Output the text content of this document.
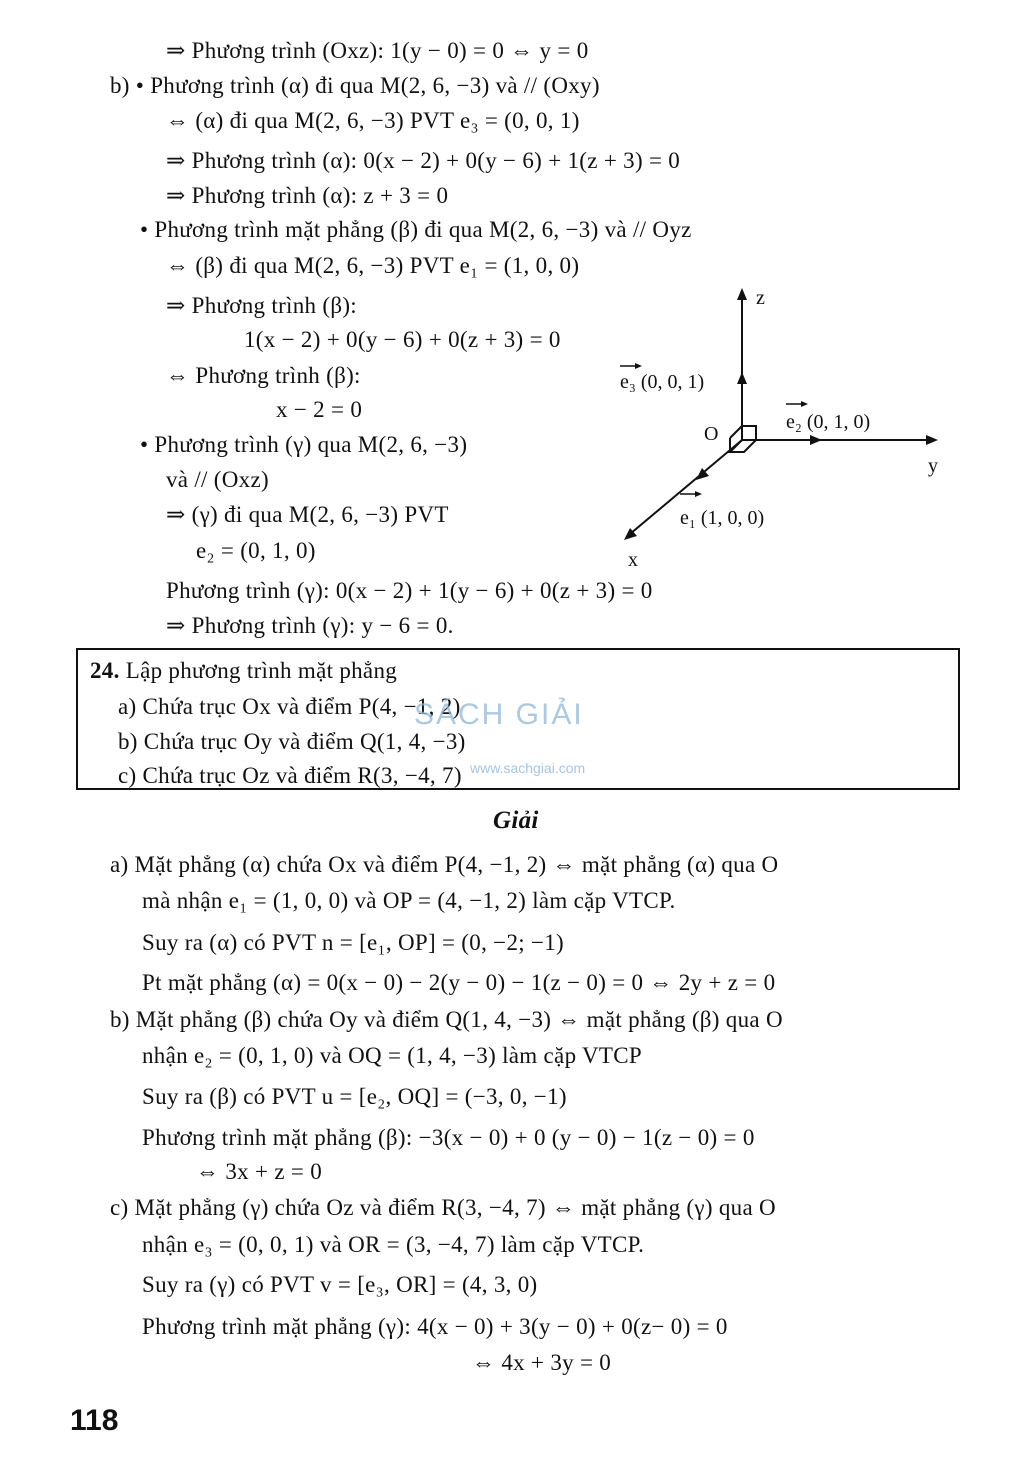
⇒ Phương trình (Oxz): 1(y − 0) = 0 ⇔ y = 0
b) • Phương trình (α) đi qua M(2, 6, −3) và // (Oxy)
⇔ (α) đi qua M(2, 6, −3) PVT e₃ = (0, 0, 1)
⇒ Phương trình (α): 0(x − 2) + 0(y − 6) + 1(z + 3) = 0
⇒ Phương trình (α): z + 3 = 0
• Phương trình mặt phẳng (β) đi qua M(2, 6, −3) và // Oyz
⇔ (β) đi qua M(2, 6, −3) PVT e₁ = (1, 0, 0)
⇒ Phương trình (β):
1(x − 2) + 0(y − 6) + 0(z + 3) = 0
⇔ Phương trình (β):
x − 2 = 0
• Phương trình (γ) qua M(2, 6, −3)
và // (Oxz)
⇒ (γ) đi qua M(2, 6, −3) PVT
e₂ = (0, 1, 0)
Phương trình (γ): 0(x − 2) + 1(y − 6) + 0(z + 3) = 0
⇒ Phương trình (γ): y − 6 = 0.
z
y
x
O
e₃ (0, 0, 1)
e₂ (0, 1, 0)
e₁ (1, 0, 0)
24. Lập phương trình mặt phẳng
a) Chứa trục Ox và điểm P(4, −1, 2)
b) Chứa trục Oy và điểm Q(1, 4, −3)
c) Chứa trục Oz và điểm R(3, −4, 7)
SÁCH GIẢI
www.sachgiai.com
Giải
a) Mặt phẳng (α) chứa Ox và điểm P(4, −1, 2) ⇔ mặt phẳng (α) qua O
mà nhận e₁ = (1, 0, 0) và OP = (4, −1, 2) làm cặp VTCP.
Suy ra (α) có PVT n = [e₁, OP] = (0, −2; −1)
Pt mặt phẳng (α) = 0(x − 0) − 2(y − 0) − 1(z − 0) = 0 ⇔ 2y + z = 0
b) Mặt phẳng (β) chứa Oy và điểm Q(1, 4, −3) ⇔ mặt phẳng (β) qua O
nhận e₂ = (0, 1, 0) và OQ = (1, 4, −3) làm cặp VTCP
Suy ra (β) có PVT u = [e₂, OQ] = (−3, 0, −1)
Phương trình mặt phẳng (β): −3(x − 0) + 0 (y − 0) − 1(z − 0) = 0
⇔ 3x + z = 0
c) Mặt phẳng (γ) chứa Oz và điểm R(3, −4, 7) ⇔ mặt phẳng (γ) qua O
nhận e₃ = (0, 0, 1) và OR = (3, −4, 7) làm cặp VTCP.
Suy ra (γ) có PVT v = [e₃, OR] = (4, 3, 0)
Phương trình mặt phẳng (γ): 4(x − 0) + 3(y − 0) + 0(z− 0) = 0
⇔ 4x + 3y = 0
118
